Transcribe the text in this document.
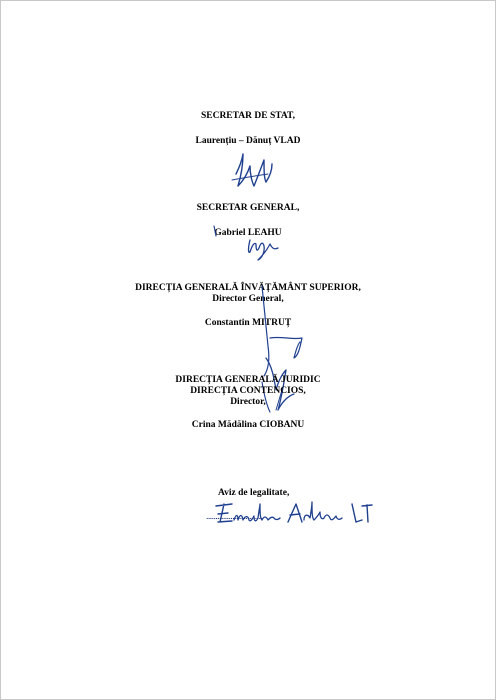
SECRETAR DE STAT,
Laurențiu – Dănuț VLAD
SECRETAR GENERAL,
Gabriel LEAHU
DIRECȚIA GENERALĂ ÎNVĂȚĂMÂNT SUPERIOR,
Director General,
Constantin MITRUȚ
DIRECȚIA GENERALĂ JURIDIC
DIRECȚIA CONTENCIOS,
Director,
Crina Mădălina CIOBANU
Aviz de legalitate,
..............................
